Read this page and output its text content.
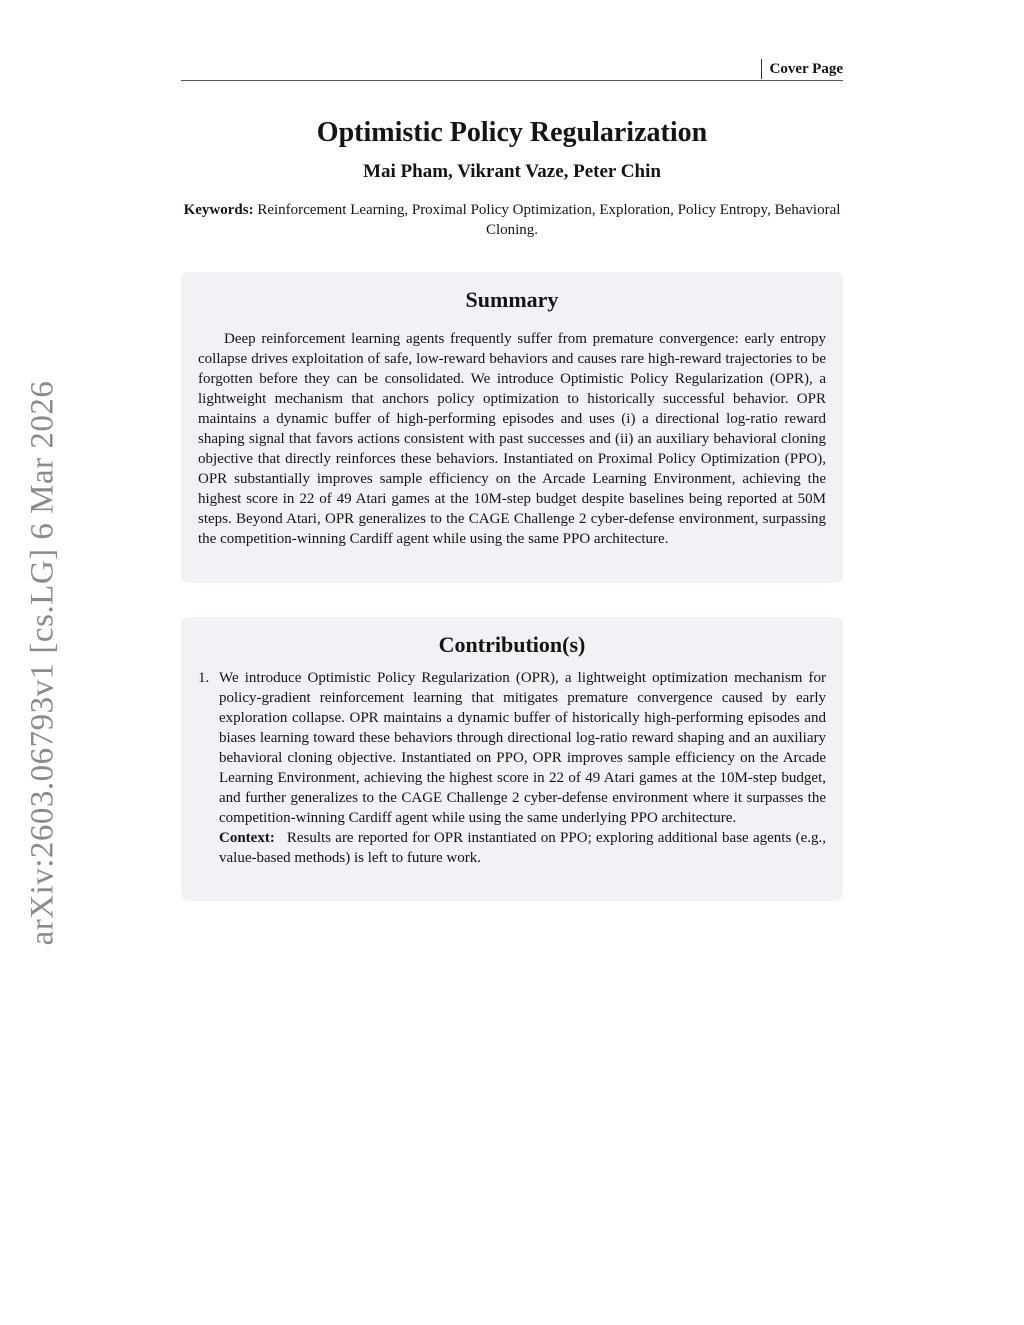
arXiv:2603.06793v1 [cs.LG] 6 Mar 2026
Cover Page
Optimistic Policy Regularization
Mai Pham, Vikrant Vaze, Peter Chin
Keywords: Reinforcement Learning, Proximal Policy Optimization, Exploration, Policy Entropy, Behavioral Cloning.
Summary

Deep reinforcement learning agents frequently suffer from premature convergence: early entropy collapse drives exploitation of safe, low-reward behaviors and causes rare high-reward trajectories to be forgotten before they can be consolidated. We introduce Optimistic Policy Regularization (OPR), a lightweight mechanism that anchors policy optimization to historically successful behavior. OPR maintains a dynamic buffer of high-performing episodes and uses (i) a directional log-ratio reward shaping signal that favors actions consistent with past successes and (ii) an auxiliary behavioral cloning objective that directly reinforces these behaviors. Instantiated on Proximal Policy Optimization (PPO), OPR substantially improves sample efficiency on the Arcade Learning Environment, achieving the highest score in 22 of 49 Atari games at the 10M-step budget despite baselines being reported at 50M steps. Beyond Atari, OPR generalizes to the CAGE Challenge 2 cyber-defense environment, surpassing the competition-winning Cardiff agent while using the same PPO architecture.

Contribution(s)
1. We introduce Optimistic Policy Regularization (OPR), a lightweight optimization mechanism for policy-gradient reinforcement learning that mitigates premature convergence caused by early exploration collapse. OPR maintains a dynamic buffer of historically high-performing episodes and biases learning toward these behaviors through directional log-ratio reward shaping and an auxiliary behavioral cloning objective. Instantiated on PPO, OPR improves sample efficiency on the Arcade Learning Environment, achieving the highest score in 22 of 49 Atari games at the 10M-step budget, and further generalizes to the CAGE Challenge 2 cyber-defense environment where it surpasses the competition-winning Cardiff agent while using the same underlying PPO architecture.

Context: Results are reported for OPR instantiated on PPO; exploring additional base agents (e.g., value-based methods) is left to future work.
